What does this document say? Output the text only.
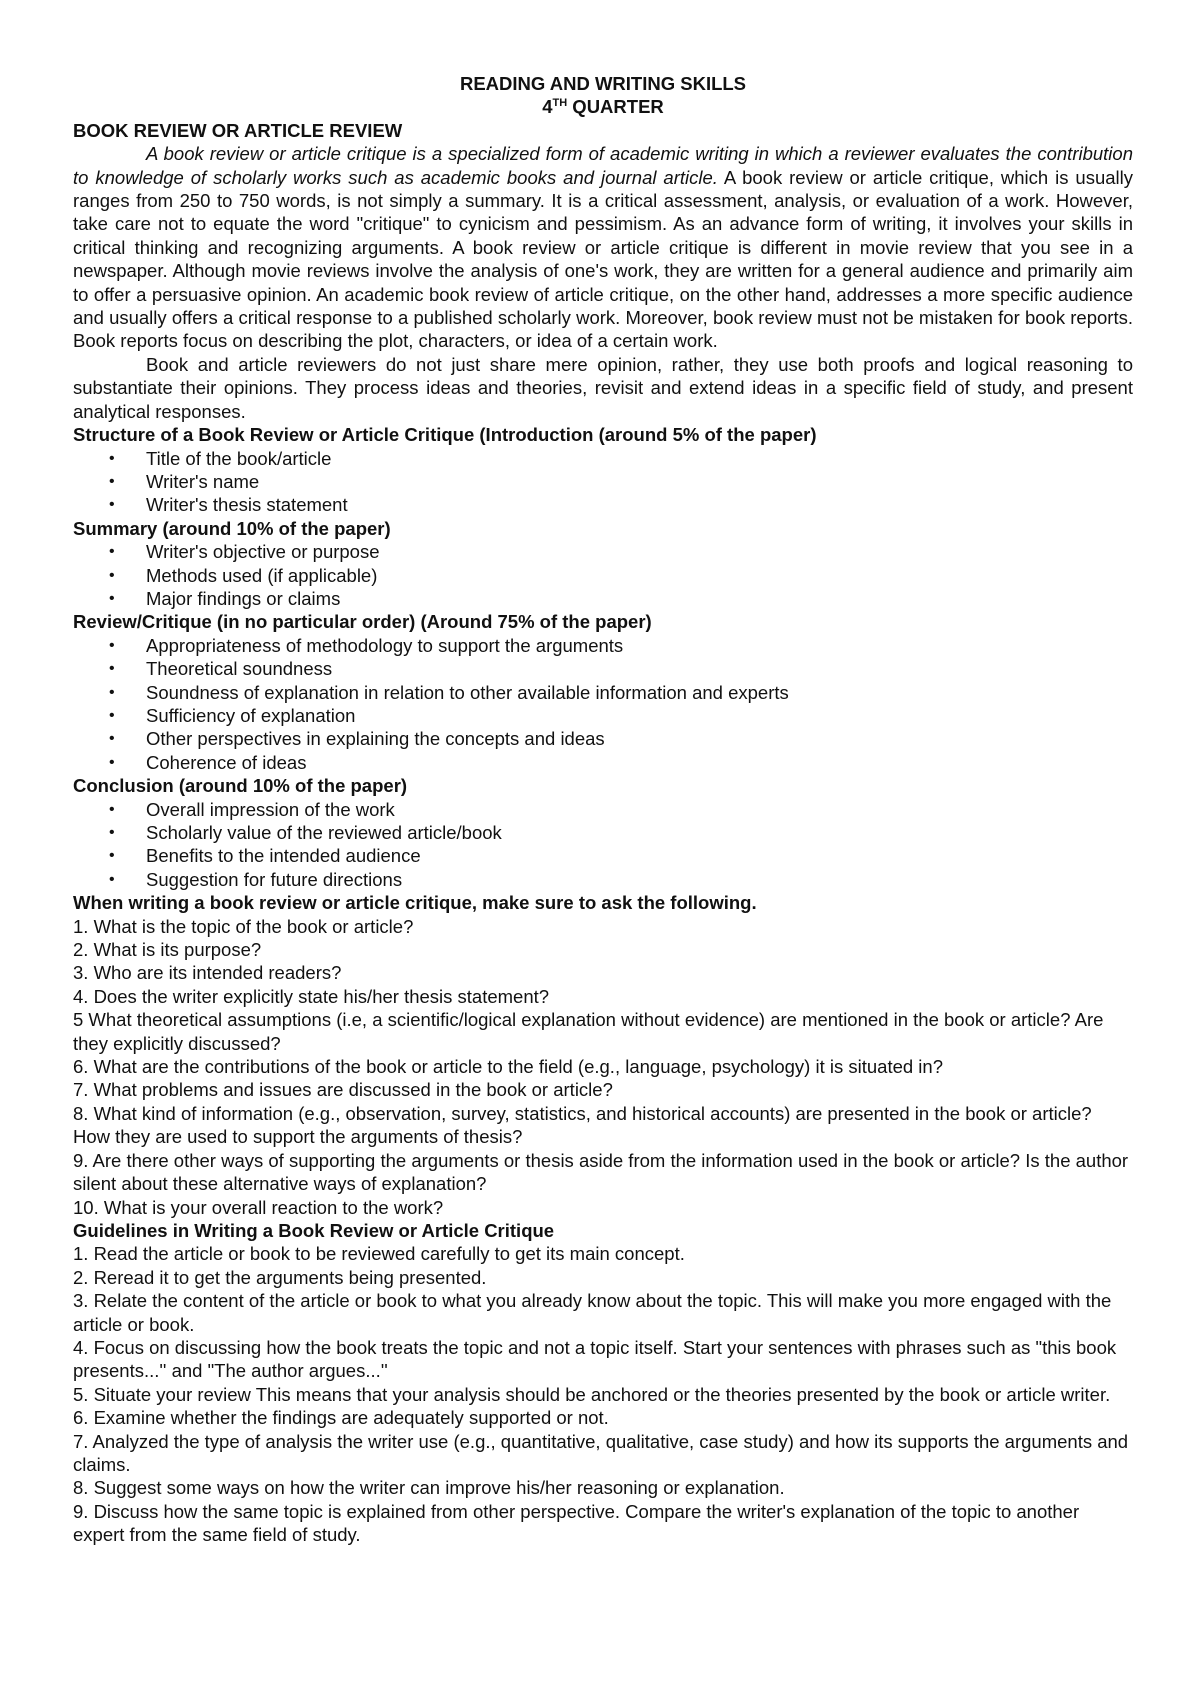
READING AND WRITING SKILLS

4TH QUARTER

BOOK REVIEW OR ARTICLE REVIEW

A book review or article critique is a specialized form of academic writing in which a reviewer evaluates the contribution to knowledge of scholarly works such as academic books and journal article. A book review or article critique, which is usually ranges from 250 to 750 words, is not simply a summary. It is a critical assessment, analysis, or evaluation of a work. However, take care not to equate the word "critique" to cynicism and pessimism. As an advance form of writing, it involves your skills in critical thinking and recognizing arguments. A book review or article critique is different in movie review that you see in a newspaper. Although movie reviews involve the analysis of one's work, they are written for a general audience and primarily aim to offer a persuasive opinion. An academic book review of article critique, on the other hand, addresses a more specific audience and usually offers a critical response to a published scholarly work. Moreover, book review must not be mistaken for book reports. Book reports focus on describing the plot, characters, or idea of a certain work.

Book and article reviewers do not just share mere opinion, rather, they use both proofs and logical reasoning to substantiate their opinions. They process ideas and theories, revisit and extend ideas in a specific field of study, and present analytical responses.

Structure of a Book Review or Article Critique (Introduction (around 5% of the paper)

• Title of the book/article
• Writer's name
• Writer's thesis statement

Summary (around 10% of the paper)

• Writer's objective or purpose
• Methods used (if applicable)
• Major findings or claims

Review/Critique (in no particular order) (Around 75% of the paper)

• Appropriateness of methodology to support the arguments
• Theoretical soundness
• Soundness of explanation in relation to other available information and experts
• Sufficiency of explanation
• Other perspectives in explaining the concepts and ideas
• Coherence of ideas

Conclusion (around 10% of the paper)

• Overall impression of the work
• Scholarly value of the reviewed article/book
• Benefits to the intended audience
• Suggestion for future directions

When writing a book review or article critique, make sure to ask the following.

1. What is the topic of the book or article?
2. What is its purpose?
3. Who are its intended readers?
4. Does the writer explicitly state his/her thesis statement?
5 What theoretical assumptions (i.e, a scientific/logical explanation without evidence) are mentioned in the book or article? Are they explicitly discussed?
6. What are the contributions of the book or article to the field (e.g., language, psychology) it is situated in?
7. What problems and issues are discussed in the book or article?
8. What kind of information (e.g., observation, survey, statistics, and historical accounts) are presented in the book or article? How they are used to support the arguments of thesis?
9. Are there other ways of supporting the arguments or thesis aside from the information used in the book or article? Is the author silent about these alternative ways of explanation?
10. What is your overall reaction to the work?

Guidelines in Writing a Book Review or Article Critique

1. Read the article or book to be reviewed carefully to get its main concept.
2. Reread it to get the arguments being presented.
3. Relate the content of the article or book to what you already know about the topic. This will make you more engaged with the article or book.
4. Focus on discussing how the book treats the topic and not a topic itself. Start your sentences with phrases such as "this book presents...'' and "The author argues...''
5. Situate your review This means that your analysis should be anchored or the theories presented by the book or article writer.
6. Examine whether the findings are adequately supported or not.
7. Analyzed the type of analysis the writer use (e.g., quantitative, qualitative, case study) and how its supports the arguments and claims.
8. Suggest some ways on how the writer can improve his/her reasoning or explanation.
9. Discuss how the same topic is explained from other perspective. Compare the writer's explanation of the topic to another expert from the same field of study.
